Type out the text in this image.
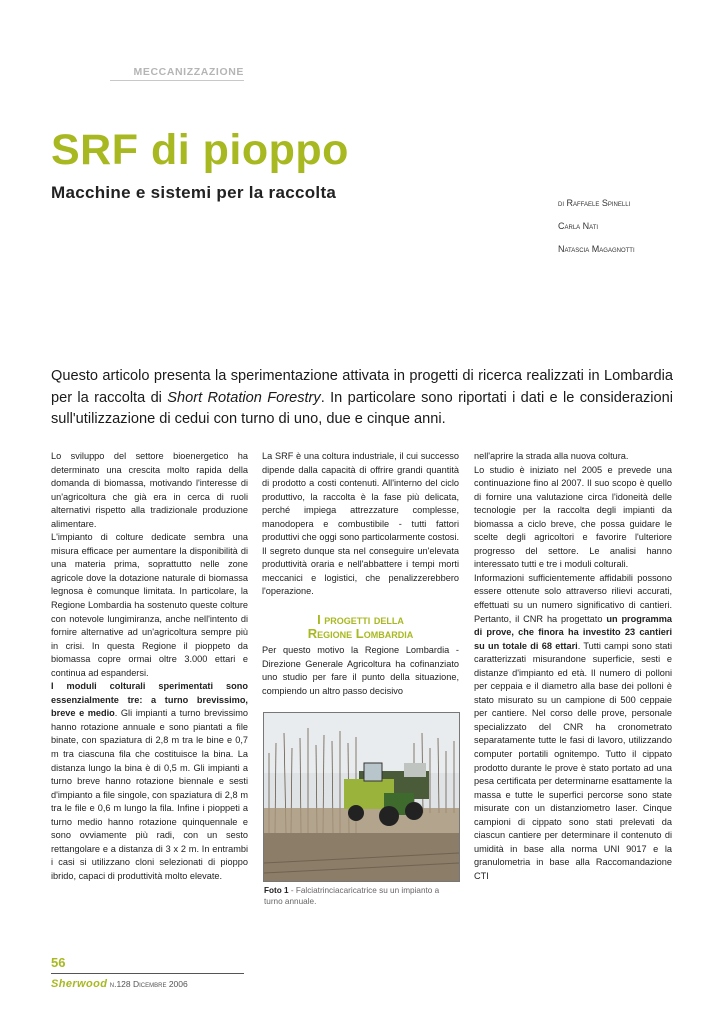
MECCANIZZAZIONE
SRF di pioppo
Macchine e sistemi per la raccolta
di Raffaele Spinelli
Carla Nati
Natascia Magagnotti
Questo articolo presenta la sperimentazione attivata in progetti di ricerca realizzati in Lombardia per la raccolta di Short Rotation Forestry. In particolare sono riportati i dati e le considerazioni sull'utilizzazione di cedui con turno di uno, due e cinque anni.

Lo sviluppo del settore bioenergetico ha determinato una crescita molto rapida della domanda di biomassa, motivando l'interesse di un'agricoltura che già era in cerca di ruoli alternativi rispetto alla tradizionale produzione alimentare.

L'impianto di colture dedicate sembra una misura efficace per aumentare la disponibilità di una materia prima, soprattutto nelle zone agricole dove la dotazione naturale di biomassa legnosa è comunque limitata. In particolare, la Regione Lombardia ha sostenuto queste colture con notevole lungimiranza, anche nell'intento di fornire alternative ad un'agricoltura sempre più in crisi. In questa Regione il pioppeto da biomassa copre ormai oltre 3.000 ettari e continua ad espandersi.

I moduli colturali sperimentati sono essenzialmente tre: a turno brevissimo, breve e medio. Gli impianti a turno brevissimo hanno rotazione annuale e sono piantati a file binate, con spaziatura di 2,8 m tra le bine e 0,7 m tra ciascuna fila che costituisce la bina. La distanza lungo la bina è di 0,5 m. Gli impianti a turno breve hanno rotazione biennale e sesti d'impianto a file singole, con spaziatura di 2,8 m tra le file e 0,6 m lungo la fila. Infine i pioppeti a turno medio hanno rotazione quinquennale e sono ovviamente più radi, con un sesto rettangolare e a distanza di 3 x 2 m. In entrambi i casi si utilizzano cloni selezionati di pioppo ibrido, capaci di produttività molto elevate.

La SRF è una coltura industriale, il cui successo dipende dalla capacità di offrire grandi quantità di prodotto a costi contenuti. All'interno del ciclo produttivo, la raccolta è la fase più delicata, perché impiega attrezzature complesse, manodopera e combustibile - tutti fattori produttivi che oggi sono particolarmente costosi. Il segreto dunque sta nel conseguire un'elevata produttività oraria e nell'abbattere i tempi morti meccanici e logistici, che penalizzerebbero l'operazione.

I progetti della
Regione Lombardia

Per questo motivo la Regione Lombardia - Direzione Generale Agricoltura ha cofinanziato uno studio per fare il punto della situazione, compiendo un altro passo decisivo

Foto 1 - Falciatrinciacaricatrice su un impianto a turno annuale.

nell'aprire la strada alla nuova coltura.

Lo studio è iniziato nel 2005 e prevede una continuazione fino al 2007. Il suo scopo è quello di fornire una valutazione circa l'idoneità delle tecnologie per la raccolta degli impianti da biomassa a ciclo breve, che possa guidare le scelte degli agricoltori e favorire l'ulteriore progresso del settore. Le analisi hanno interessato tutti e tre i moduli colturali.

Informazioni sufficientemente affidabili possono essere ottenute solo attraverso rilievi accurati, effettuati su un numero significativo di cantieri. Pertanto, il CNR ha progettato un programma di prove, che finora ha investito 23 cantieri su un totale di 68 ettari. Tutti campi sono stati caratterizzati misurandone superficie, sesti e distanze d'impianto ed età. Il numero di polloni per ceppaia e il diametro alla base dei polloni è stato misurato su un campione di 500 ceppaie per cantiere. Nel corso delle prove, personale specializzato del CNR ha cronometrato separatamente tutte le fasi di lavoro, utilizzando computer portatili ognitempo. Tutto il cippato prodotto durante le prove è stato portato ad una pesa certificata per determinarne esattamente la massa e tutte le superfici percorse sono state misurate con un distanziometro laser. Cinque campioni di cippato sono stati prelevati da ciascun cantiere per determinare il contenuto di umidità in base alla norma UNI 9017 e la granulometria in base alla Raccomandazione CTI

56
Sherwood n.128 Dicembre 2006
